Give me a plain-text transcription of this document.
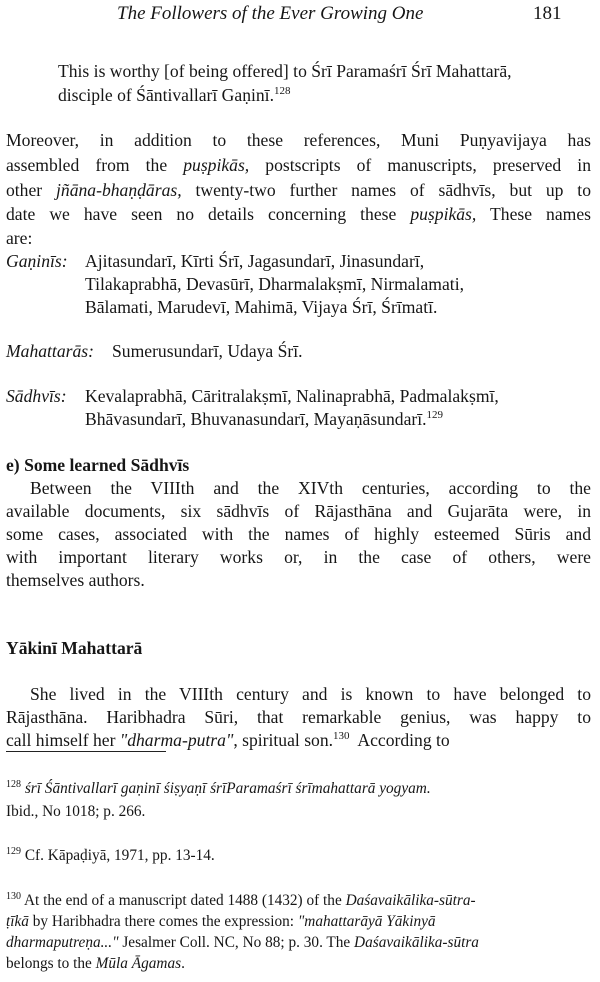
The Followers of the Ever Growing One	181
This is worthy [of being offered] to Śrī Paramaśrī Śrī Mahattarā,
disciple of Śāntivallarī Gaṇinī.$^{128}$
Moreover, in addition to these references, Muni Puṇyavijaya has
assembled from the puṣpikās, postscripts of manuscripts, preserved in
other jñāna-bhaṇḍāras, twenty-two further names of sādhvīs, but up to
date we have seen no details concerning these puṣpikās, These names
are:
Gaṇinīs: Ajitasundarī, Kīrti Śrī, Jagasundarī, Jinasundarī,
Tilakaprabhā, Devasūrī, Dharmalakṣmī, Nirmalamati,
Bālamati, Marudevī, Mahimā, Vijaya Śrī, Śrīmatī.
Mahattarās: Sumerusundarī, Udaya Śrī.
Sādhvīs: Kevalaprabhā, Cāritralakṣmī, Nalinaprabhā, Padmalakṣmī,
Bhāvasundarī, Bhuvanasundarī, Mayaṇāsundarī.$^{129}$
e) Some learned Sādhvīs
Between the VIIIth and the XIVth centuries, according to the
available documents, six sādhvīs of Rājasthāna and Gujarāta were, in
some cases, associated with the names of highly esteemed Sūris and
with important literary works or, in the case of others, were
themselves authors.
Yākinī Mahattarā
She lived in the VIIIth century and is known to have belonged to
Rājasthāna. Haribhadra Sūri, that remarkable genius, was happy to
call himself her "dharma-putra", spiritual son.$^{130}$  According to
$^{128}$ śrī Śāntivallarī gaṇinī śiṣyaṇī śrīParamaśrī śrīmahattarā yogyam.
Ibid., No 1018; p. 266.
$^{129}$ Cf. Kāpaḍiyā, 1971, pp. 13-14.
$^{130}$ At the end of a manuscript dated 1488 (1432) of the Daśavaikālika-sūtra-
ṭīkā by Haribhadra there comes the expression: "mahattarāyā Yākinyā
dharmaputreṇa..." Jesalmer Coll. NC, No 88; p. 30. The Daśavaikālika-sūtra
belongs to the Mūla Āgamas.
